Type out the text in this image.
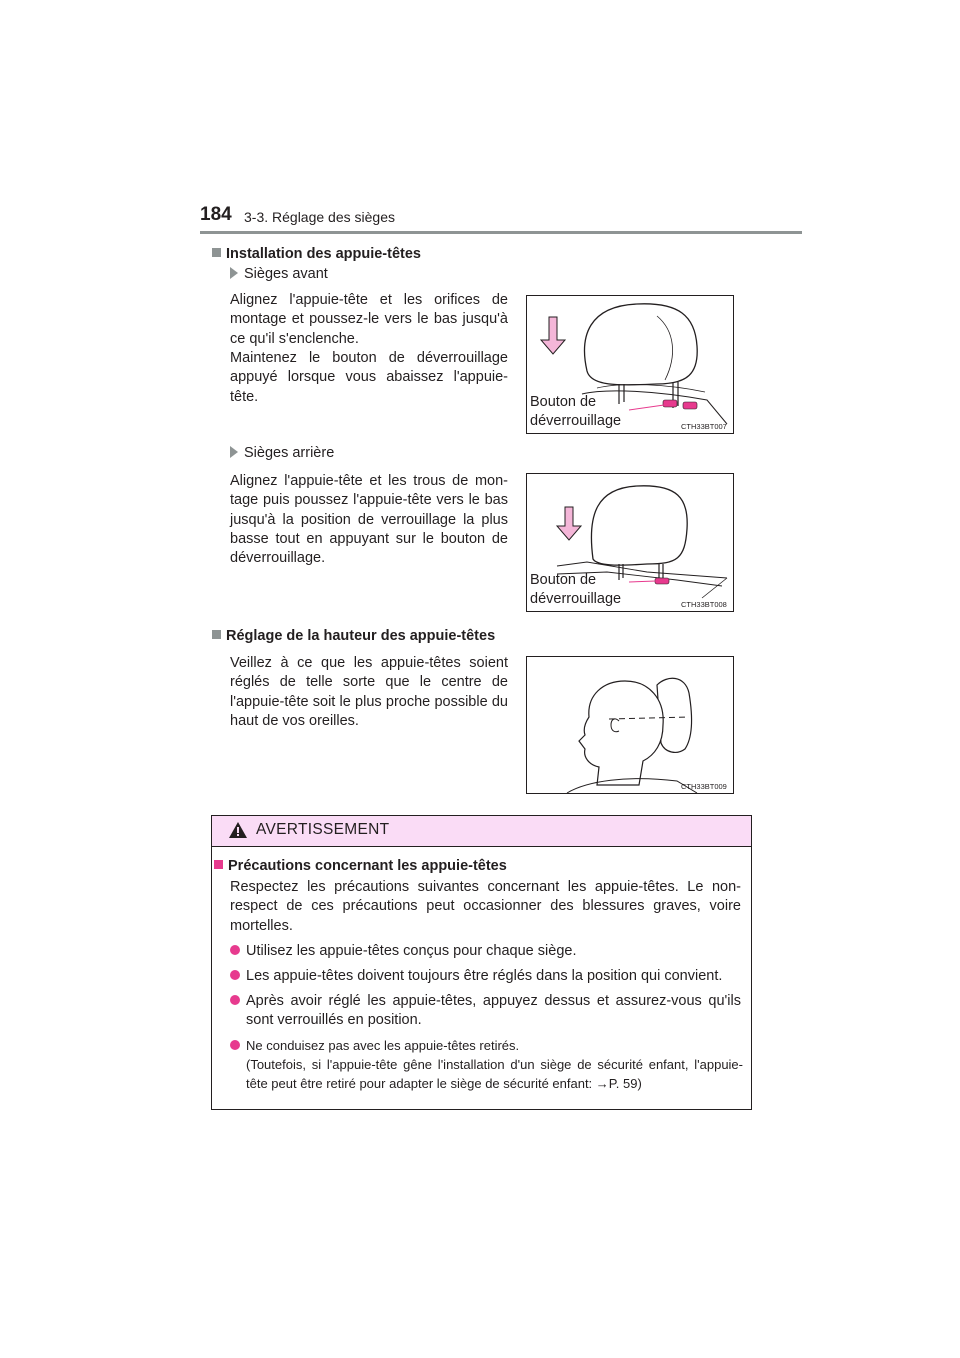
184 3-3. Réglage des sièges
Installation des appuie-têtes
Sièges avant
Alignez l'appuie-tête et les orifices de montage et poussez-le vers le bas jusqu'à ce qu'il s'enclenche.
Maintenez le bouton de déverrouillage appuyé lorsque vous abaissez l'appuie-tête.	Bouton de
déverrouillage	CTH33BT007
Sièges arrière
Alignez l'appuie-tête et les trous de mon-tage puis poussez l'appuie-tête vers le bas jusqu'à la position de verrouillage la plus basse tout en appuyant sur le bouton de déverrouillage.
Bouton de
déverrouillage	CTH33BT008
Réglage de la hauteur des appuie-têtes
Veillez à ce que les appuie-têtes soient réglés de telle sorte que le centre de l'appuie-tête soit le plus proche possible du haut de vos oreilles.
CTH33BT009
AVERTISSEMENT
Précautions concernant les appuie-têtes
Respectez les précautions suivantes concernant les appuie-têtes. Le non-respect de ces précautions peut occasionner des blessures graves, voire mortelles.
Utilisez les appuie-têtes conçus pour chaque siège.
Les appuie-têtes doivent toujours être réglés dans la position qui convient.
Après avoir réglé les appuie-têtes, appuyez dessus et assurez-vous qu'ils sont verrouillés en position.
Ne conduisez pas avec les appuie-têtes retirés.
(Toutefois, si l'appuie-tête gêne l'installation d'un siège de sécurité enfant, l'appuie-tête peut être retiré pour adapter le siège de sécurité enfant: →P. 59)
